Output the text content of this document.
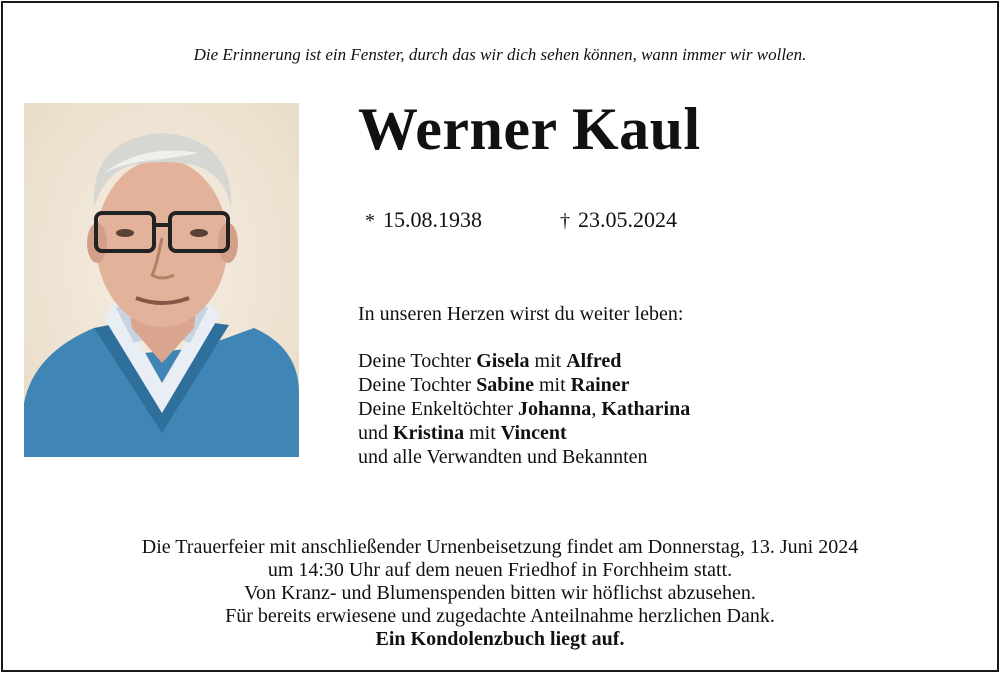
Die Erinnerung ist ein Fenster, durch das wir dich sehen können, wann immer wir wollen.
Werner Kaul
* 15.08.1938	† 23.05.2024
In unseren Herzen wirst du weiter leben:
Deine Tochter Gisela mit Alfred
Deine Tochter Sabine mit Rainer
Deine Enkeltöchter Johanna, Katharina
und Kristina mit Vincent
und alle Verwandten und Bekannten
Die Trauerfeier mit anschließender Urnenbeisetzung findet am Donnerstag, 13. Juni 2024
um 14:30 Uhr auf dem neuen Friedhof in Forchheim statt.
Von Kranz- und Blumenspenden bitten wir höflichst abzusehen.
Für bereits erwiesene und zugedachte Anteilnahme herzlichen Dank.
Ein Kondolenzbuch liegt auf.
